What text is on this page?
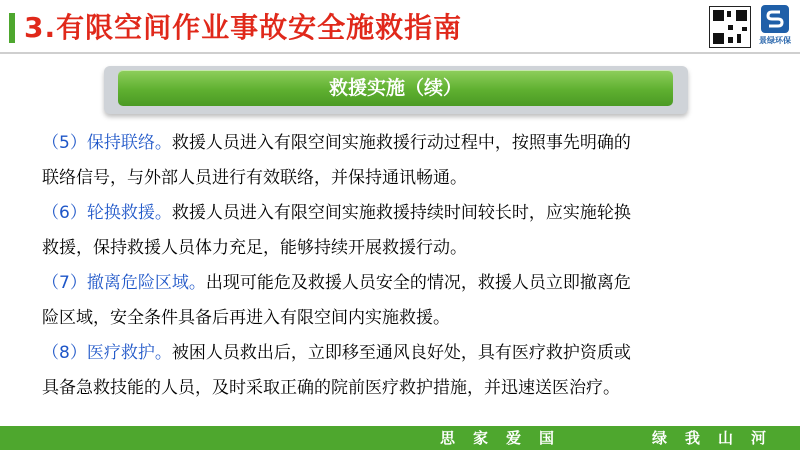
3.有限空间作业事故安全施救指南	景绿环保
救援实施（续）

（5）保持联络。救援人员进入有限空间实施救援行动过程中，按照事先明确的
联络信号，与外部人员进行有效联络，并保持通讯畅通。

（6）轮换救援。救援人员进入有限空间实施救援持续时间较长时，应实施轮换
救援，保持救援人员体力充足，能够持续开展救援行动。

（7）撤离危险区域。出现可能危及救援人员安全的情况，救援人员立即撤离危
险区域，安全条件具备后再进入有限空间内实施救援。

（8）医疗救护。被困人员救出后，立即移至通风良好处，具有医疗救护资质或
具备急救技能的人员，及时采取正确的院前医疗救护措施，并迅速送医治疗。

思家爱国	绿我山河
